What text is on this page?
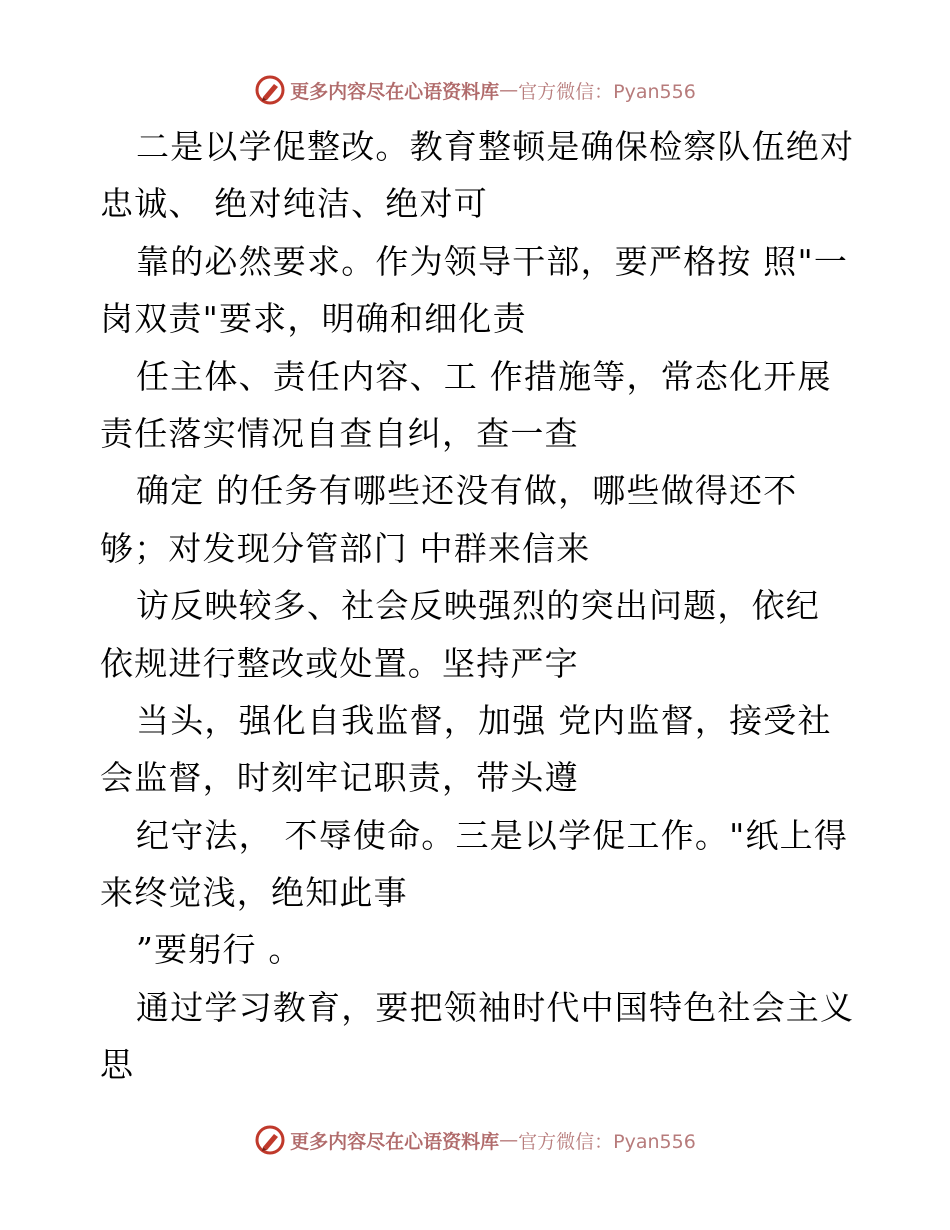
更多内容尽在心语资料库 — 官方微信：Pyan556
二是以学促整改。教育整顿是确保检察队伍绝对
忠诚、 绝对纯洁、绝对可
靠的必然要求。作为领导干部，要严格按 照"一
岗双责"要求，明确和细化责
任主体、责任内容、工 作措施等，常态化开展
责任落实情况自查自纠，查一查
确定 的任务有哪些还没有做，哪些做得还不
够；对发现分管部门 中群来信来
访反映较多、社会反映强烈的突出问题，依纪
依规进行整改或处置。坚持严字
当头，强化自我监督，加强 党内监督，接受社
会监督，时刻牢记职责，带头遵
纪守法， 不辱使命。三是以学促工作。"纸上得
来终觉浅，绝知此事
”要躬行 。
通过学习教育，要把领袖时代中国特色社会主义
思
更多内容尽在心语资料库 — 官方微信：Pyan556
